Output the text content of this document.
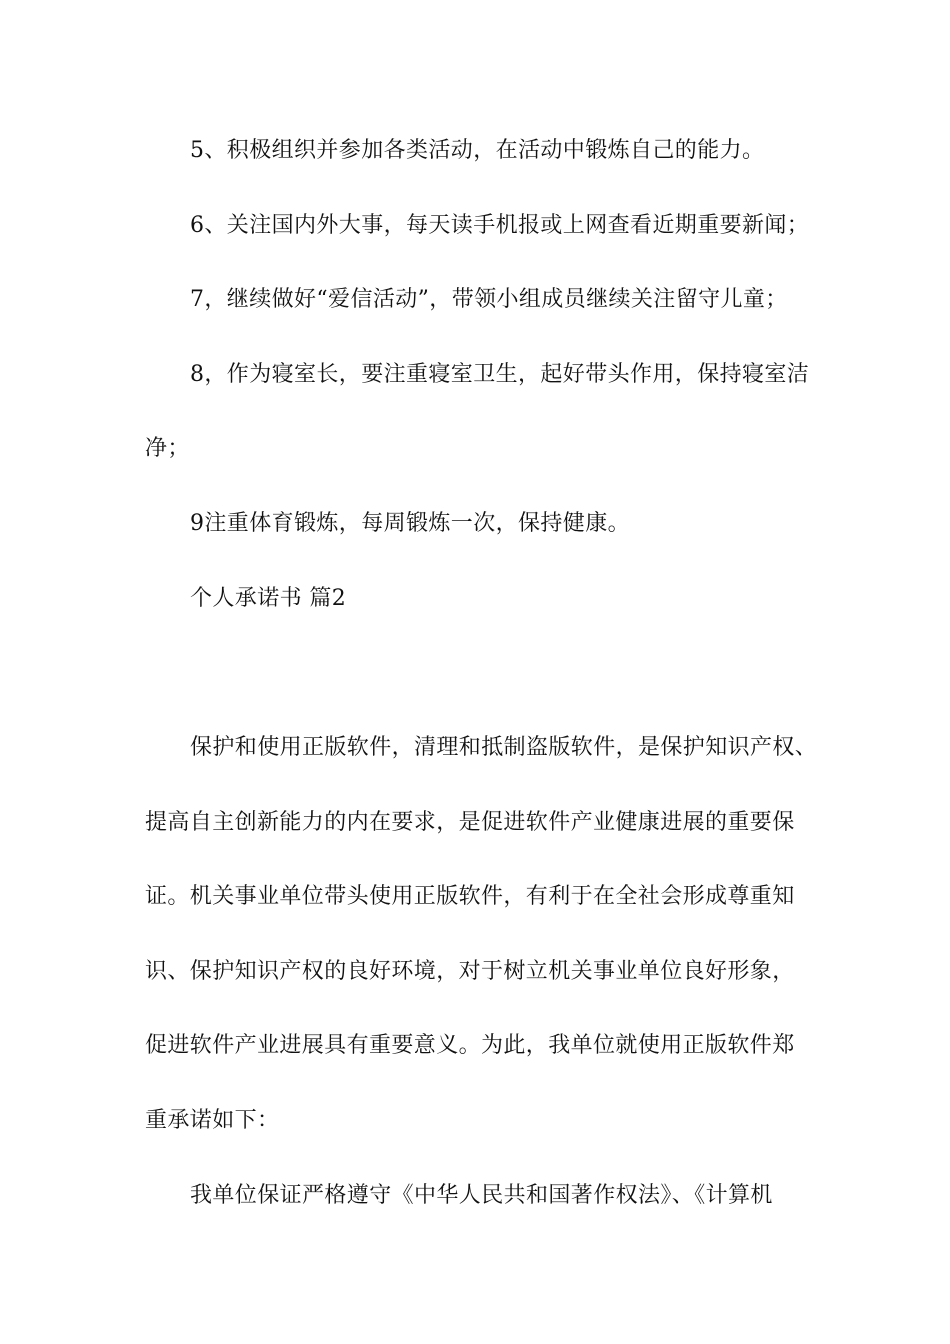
5、积极组织并参加各类活动，在活动中锻炼自己的能力。
6、关注国内外大事，每天读手机报或上网查看近期重要新闻；
7，继续做好“爱信活动”，带领小组成员继续关注留守儿童；
8，作为寝室长，要注重寝室卫生，起好带头作用，保持寝室洁
净；
9注重体育锻炼，每周锻炼一次，保持健康。
个人承诺书 篇2
保护和使用正版软件，清理和抵制盗版软件，是保护知识产权、
提高自主创新能力的内在要求，是促进软件产业健康进展的重要保
证。机关事业单位带头使用正版软件，有利于在全社会形成尊重知
识、保护知识产权的良好环境，对于树立机关事业单位良好形象，
促进软件产业进展具有重要意义。为此，我单位就使用正版软件郑
重承诺如下：
我单位保证严格遵守《中华人民共和国著作权法》、《计算机
